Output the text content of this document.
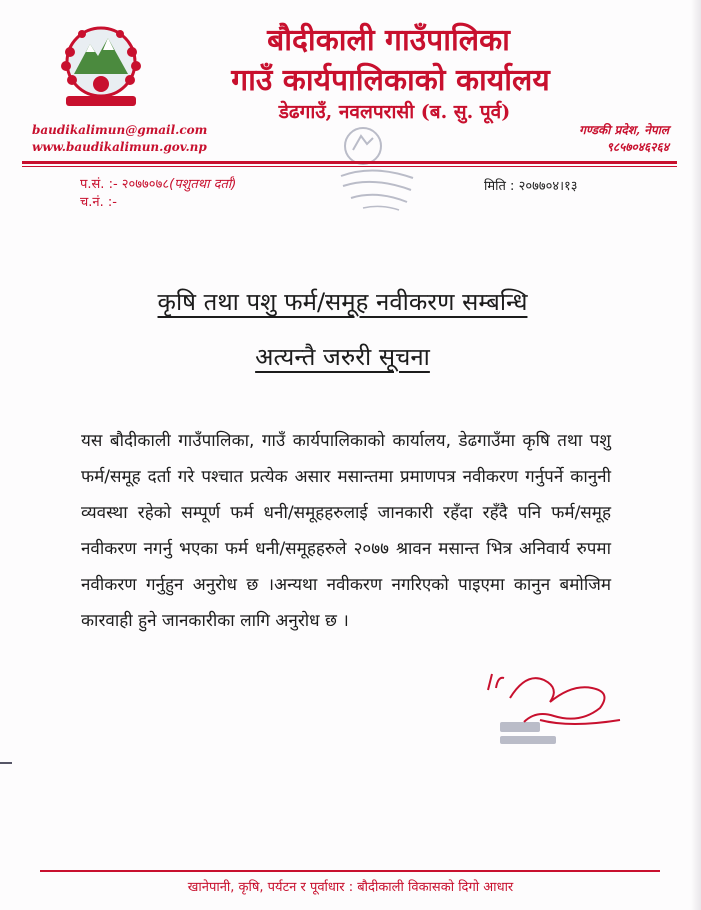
बौदीकाली गाउँपालिका
गाउँ कार्यपालिकाको कार्यालय
डेढगाउँ, नवलपरासी (ब. सु. पूर्व)
baudikalimun@gmail.com
www.baudikalimun.gov.np
गण्डकी प्रदेश, नेपाल
९८५७०४६२६४
प.सं. :- २०७७०७८(पशुतथा दर्ता)
च.नं. :-
मिति : २०७७०४।१३
कृषि तथा पशु फर्म/समूह नवीकरण सम्बन्धि
अत्यन्तै जरुरी सूचना
यस बौदीकाली गाउँपालिका, गाउँ कार्यपालिकाको कार्यालय, डेढगाउँमा कृषि तथा पशु फर्म/समूह दर्ता गरे पश्चात प्रत्येक असार मसान्तमा प्रमाणपत्र नवीकरण गर्नुपर्ने कानुनी व्यवस्था रहेको सम्पूर्ण फर्म धनी/समूहहरुलाई जानकारी रहँदा रहँदै पनि फर्म/समूह नवीकरण नगर्नु भएका फर्म धनी/समूहहरुले २०७७ श्रावन मसान्त भित्र अनिवार्य रुपमा नवीकरण गर्नुहुन अनुरोध छ ।अन्यथा नवीकरण नगरिएको पाइएमा कानुन बमोजिम कारवाही हुने जानकारीका लागि अनुरोध छ ।
खानेपानी, कृषि, पर्यटन र पूर्वाधार : बौदीकाली विकासको दिगो आधार
